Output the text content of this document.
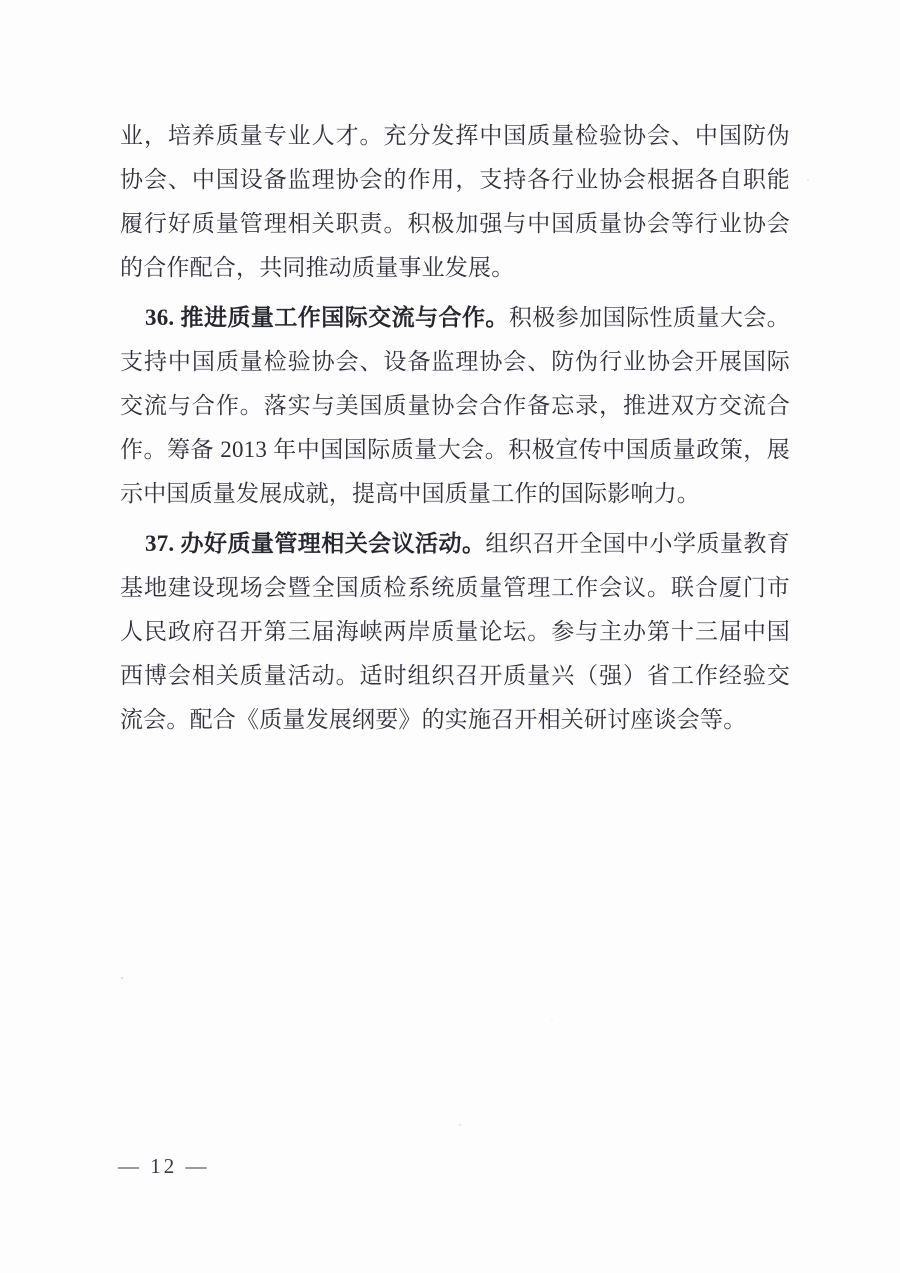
业，培养质量专业人才。充分发挥中国质量检验协会、中国防伪协会、中国设备监理协会的作用，支持各行业协会根据各自职能履行好质量管理相关职责。积极加强与中国质量协会等行业协会的合作配合，共同推动质量事业发展。

36. 推进质量工作国际交流与合作。积极参加国际性质量大会。支持中国质量检验协会、设备监理协会、防伪行业协会开展国际交流与合作。落实与美国质量协会合作备忘录，推进双方交流合作。筹备 2013 年中国国际质量大会。积极宣传中国质量政策，展示中国质量发展成就，提高中国质量工作的国际影响力。

37. 办好质量管理相关会议活动。组织召开全国中小学质量教育基地建设现场会暨全国质检系统质量管理工作会议。联合厦门市人民政府召开第三届海峡两岸质量论坛。参与主办第十三届中国西博会相关质量活动。适时组织召开质量兴（强）省工作经验交流会。配合《质量发展纲要》的实施召开相关研讨座谈会等。

— 12 —
